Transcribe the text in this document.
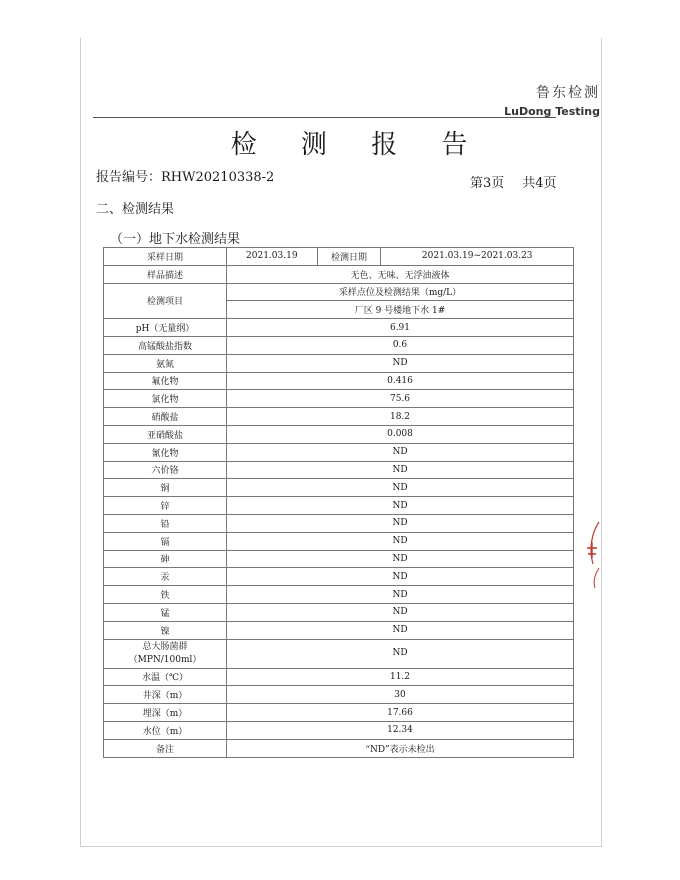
鲁东检测
LuDong Testing
检 测 报 告
报告编号：RHW20210338-2	第3页 共4页
二、检测结果
（一）地下水检测结果
采样日期	2021.03.19	检测日期	2021.03.19~2021.03.23
样品描述	无色、无味、无浮油液体		
检测项目	采样点位及检测结果（mg/L）		
	厂区 9 号楼地下水 1#		
pH（无量纲）	6.91		
高锰酸盐指数	0.6		
氨氮	ND		
氟化物	0.416		
氯化物	75.6		
硝酸盐	18.2		
亚硝酸盐	0.008		
氰化物	ND		
六价铬	ND		
铜	ND		
锌	ND		
铅	ND		
镉	ND		
砷	ND		
汞	ND		
铁	ND		
锰	ND		
镍	ND		
总大肠菌群
（MPN/100ml）	ND		
水温（℃）	11.2		
井深（m）	30		
埋深（m）	17.66		
水位（m）	12.34		
备注	“ND”表示未检出		
